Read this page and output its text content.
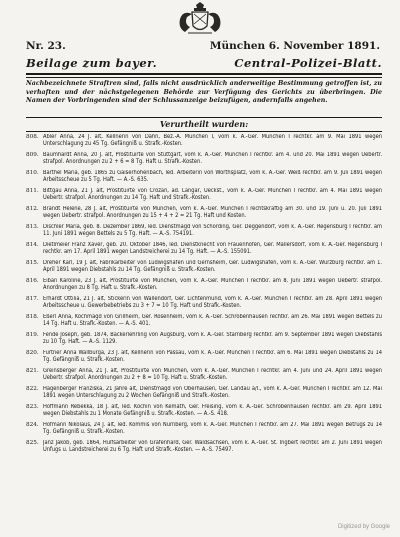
Nr. 23.	München 6. November 1891.
Beilage zum bayer.	Central-Polizei-Blatt.
Nachbezeichnete Straftren sind, falls nicht ausdrücklich anderweitige Bestimmung getroffen ist, zu verhaften und der nächstgelegenen Behörde zur Verfügung des Gerichts zu überbringen. Die Namen der Vorbringenden sind der Schlussanzeige beizufügen, andernfalls angehen.
Verurtheilt wurden:
808. Abler Anna, 24 J. alt, Kellnerin von Dahn, Bez.-A. München I, vom k. A.-Ger. München I rechtkr. am 9. Mai 1891 wegen Unterschlagung zu 45 Tg. Gefängniß u. Strafk.-Kosten.
809. Baumhardt Anna, 20 J. alt, Prostituirte von Stuttgart, vom k. A.-Ger. München I rechtkr. am 4. und 20. Mai 1891 wegen Uebertr. strafpol. Anordnungen zu 2 + 6 = 8 Tg. Haft u. Strafk.-Kosten.
810. Barthel Maria, geb. 1865 zu Gaiserhöhenbach, led. Arbeiterin von Wörthsplatz, vom k. A.-Ger. Weiß rechtkr. am 9. Juli 1891 wegen Arbeitsscheue zu 5 Tg. Haft. — A.-S. 635.
811. Bittgau Anna, 21 J. alt, Prostituirte von Crozan, ad. Langar, Ueckst., vom k. A.-Ger. München I rechtkr. am 4. Mai 1891 wegen Uebertr. strafpol. Anordnungen zu 14 Tg. Haft und Strafk.-Kosten.
812. Brandt Helene, 28 J. alt, Prostituirte von München, vom k. A.-Ger. München I rechtskräftig am 30. und 19. Juni u. 20. Juli 1891 wegen Uebertr. strafpol. Anordnungen zu 15 + 4 + 2 = 21 Tg. Haft und Kosten.
813. Dischler Maria, geb. 8. Dezember 1869, led. Dienstmagd von Schörding, Ger. Deggendorf, vom k. A.-Ger. Regensburg I rechtkr. am 11. Juni 1891 wegen Bettels zu 5 Tg. Haft. — A.-S. 754191.
814. Dietlmeier Franz Xaver, geb. 20. Oktober 1846, led. Dienstknecht von Frauenhofen, Ger. Mallersdorf, vom k. A.-Ger. Regensburg I rechtkr. am 17. April 1891 wegen Landstreicherei zu 14 Tg. Haft. — A.-S. 155091.
815. Dreher Karl, 19 J. alt, Fabrikarbeiter von Ludwigshafen und Gernsheim, Ger. Ludwigshafen, vom k. A.-Ger. Würzburg rechtkr. am 1. April 1891 wegen Diebstahls zu 14 Tg. Gefängniß u. Strafk.-Kosten.
816. Eiban Karoline, 23 J. alt, Prostituirte von München, vom k. A.-Ger. München I rechtkr. am 8. Juni 1891 wegen Uebertr. strafpol. Anordnungen zu 8 Tg. Haft u. Strafk.-Kosten.
817. Erhardt Ottilia, 21 J. alt, Stickerin von Wallendorf, Ger. Lichtenmünd, vom k. A.-Ger. München I rechtkr. am 28. April 1891 wegen Arbeitsscheue u. Gewerbebetriebs zu 3 + 7 = 10 Tg. Haft und Strafk.-Kosten.
818. Eßerl Anna, Kochmagd von Grillheim, Ger. Rosenheim, vom k. A.-Ger. Schrobenhausen rechtkr. am 26. Mai 1891 wegen Bettels zu 14 Tg. Haft u. Strafk.-Kosten. — A.-S. 401.
819. Fende Joseph, geb. 1874, Bäckerlehrling von Augsburg, vom k. A.-Ger. Starnberg rechtkr. am 9. September 1891 wegen Diebstahls zu 10 Tg. Haft. — A.-S. 1129.
820. Furtner Anna Wallburga, 23 J. alt, Kellnerin von Passau, vom k. A.-Ger. München I rechtkr. am 6. Mai 1891 wegen Diebstahls zu 14 Tg. Gefängniß u. Strafk.-Kosten.
821. Greinsberger Anna, 21 J. alt, Prostituirte von München, vom k. A.-Ger. München I rechtkr. am 4. Juni und 24. April 1891 wegen Uebertr. strafpol. Anordnungen zu 2 + 8 = 10 Tg. Haft u. Strafk.-Kosten.
822. Hagenberger Franziska, 21 Jahre alt, Dienstmagd von Oberhausen, Ger. Landau a/I., vom k. A.-Ger. München I rechtkr. am 12. Mai 1891 wegen Unterschlagung zu 2 Wochen Gefängniß und Strafk.-Kosten.
823. Hoffmann Rebekka, 18 J. alt, led. Köchin von Kemath, Ger. Freising, vom k. A.-Ger. Schrobenhausen rechtkr. am 29. April 1891 wegen Diebstahls zu 1 Monate Gefängniß u. Strafk.-Kosten. — A.-S. 418.
824. Hofmann Nikolaus, 24 J. alt, led. Kommis von Nürnberg, vom k. A.-Ger. München I rechtkr. am 27. Mai 1891 wegen Betrugs zu 14 Tg. Gefängniß u. Strafk.-Kosten.
825. Janz Jakob, geb. 1864, Hülfsarbeiter von Grafenhard, Ger. Waldsachsen, vom k. A.-Ger. St. Ingbert rechtkr. am 2. Juni 1891 wegen Unfugs u. Landstreicherei zu 6 Tg. Haft und Strafk.-Kosten. — A.-S. 75497.
Digitized by Google
